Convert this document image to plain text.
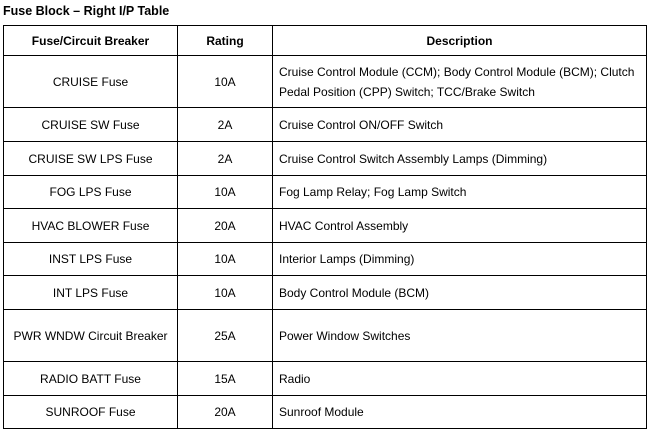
Fuse Block – Right I/P Table
Fuse/Circuit Breaker	Rating	Description
CRUISE Fuse	10A	Cruise Control Module (CCM); Body Control Module (BCM); Clutch Pedal Position (CPP) Switch; TCC/Brake Switch
CRUISE SW Fuse	2A	Cruise Control ON/OFF Switch
CRUISE SW LPS Fuse	2A	Cruise Control Switch Assembly Lamps (Dimming)
FOG LPS Fuse	10A	Fog Lamp Relay; Fog Lamp Switch
HVAC BLOWER Fuse	20A	HVAC Control Assembly
INST LPS Fuse	10A	Interior Lamps (Dimming)
INT LPS Fuse	10A	Body Control Module (BCM)
PWR WNDW Circuit Breaker	25A	Power Window Switches
RADIO BATT Fuse	15A	Radio
SUNROOF Fuse	20A	Sunroof Module
